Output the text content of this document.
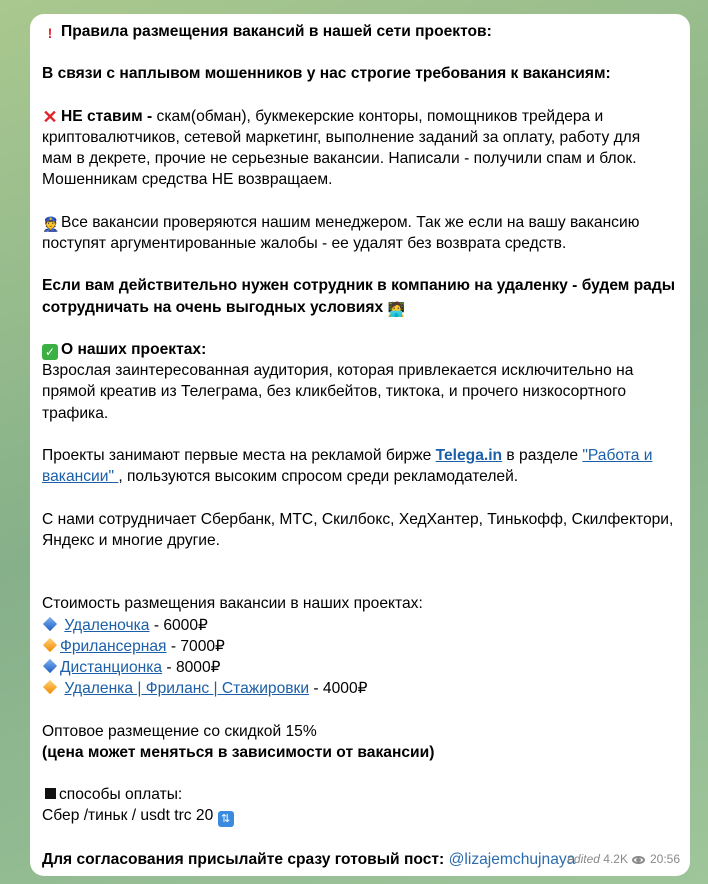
! Правила размещения вакансий в нашей сети проектов:
В связи с наплывом мошенников у нас строгие требования к вакансиям:
✕ НЕ ставим - скам(обман), букмекерские конторы, помощников трейдера и
криптовалютчиков, сетевой маркетинг, выполнение заданий за оплату, работу для
мам в декрете, прочие не серьезные вакансии. Написали - получили спам и блок.
Мошенникам средства НЕ возвращаем.
👮 Все вакансии проверяются нашим менеджером. Так же если на вашу вакансию
поступят аргументированные жалобы - ее удалят без возврата средств.
Если вам действительно нужен сотрудник в компанию на удаленку - будем рады
сотрудничать на очень выгодных условиях 🧑‍💻
✓ О наших проектах:
Взрослая заинтересованная аудитория, которая привлекается исключительно на
прямой креатив из Телеграма, без кликбейтов, тиктока, и прочего низкосортного
трафика.
Проекты занимают первые места на рекламой бирже Telega.in в разделе "Работа и
вакансии" , пользуются высоким спросом среди рекламодателей.
С нами сотрудничает Сбербанк, МТС, Скилбокс, ХедХантер, Тинькофф, Скилфектори,
Яндекс и многие другие.
Стоимость размещения вакансии в наших проектах:
Удаленочка - 6000₽
Фрилансерная - 7000₽
Дистанционка - 8000₽
Удаленка | Фриланс | Стажировки - 4000₽
Оптовое размещение со скидкой 15%
(цена может меняться в зависимости от вакансии)
способы оплаты:
Сбер /тиньк / usdt trc 20 ⇅
Для согласования присылайте сразу готовый пост: @lizajemchujnaya
edited 4.2K 20:56
